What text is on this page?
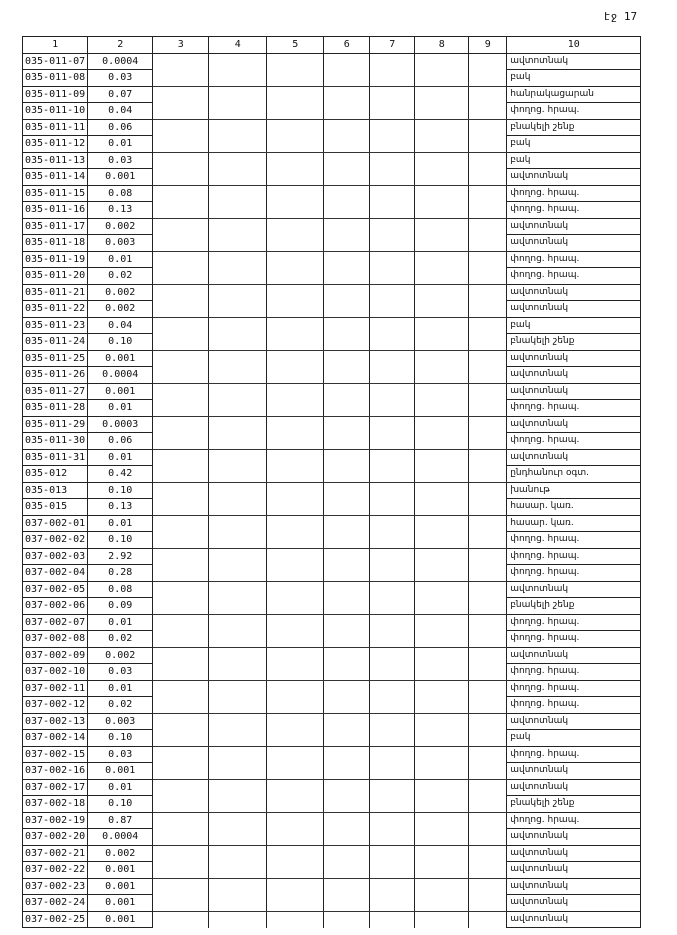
էջ 17
1	2	3	4	5	6	7	8	9	10
035-011-07	0.0004								ավտոտնակ
035-011-08	0.03								բակ
035-011-09	0.07								հանրակացարան
035-011-10	0.04								փողոց. հրապ.
035-011-11	0.06								բնակելի շենք
035-011-12	0.01								բակ
035-011-13	0.03								բակ
035-011-14	0.001								ավտոտնակ
035-011-15	0.08								փողոց. հրապ.
035-011-16	0.13								փողոց. հրապ.
035-011-17	0.002								ավտոտնակ
035-011-18	0.003								ավտոտնակ
035-011-19	0.01								փողոց. հրապ.
035-011-20	0.02								փողոց. հրապ.
035-011-21	0.002								ավտոտնակ
035-011-22	0.002								ավտոտնակ
035-011-23	0.04								բակ
035-011-24	0.10								բնակելի շենք
035-011-25	0.001								ավտոտնակ
035-011-26	0.0004								ավտոտնակ
035-011-27	0.001								ավտոտնակ
035-011-28	0.01								փողոց. հրապ.
035-011-29	0.0003								ավտոտնակ
035-011-30	0.06								փողոց. հրապ.
035-011-31	0.01								ավտոտնակ
035-012	0.42								ընդհանուր օգտ.
035-013	0.10								խանութ
035-015	0.13								հասար. կառ.
037-002-01	0.01								հասար. կառ.
037-002-02	0.10								փողոց. հրապ.
037-002-03	2.92								փողոց. հրապ.
037-002-04	0.28								փողոց. հրապ.
037-002-05	0.08								ավտոտնակ
037-002-06	0.09								բնակելի շենք
037-002-07	0.01								փողոց. հրապ.
037-002-08	0.02								փողոց. հրապ.
037-002-09	0.002								ավտոտնակ
037-002-10	0.03								փողոց. հրապ.
037-002-11	0.01								փողոց. հրապ.
037-002-12	0.02								փողոց. հրապ.
037-002-13	0.003								ավտոտնակ
037-002-14	0.10								բակ
037-002-15	0.03								փողոց. հրապ.
037-002-16	0.001								ավտոտնակ
037-002-17	0.01								ավտոտնակ
037-002-18	0.10								բնակելի շենք
037-002-19	0.87								փողոց. հրապ.
037-002-20	0.0004								ավտոտնակ
037-002-21	0.002								ավտոտնակ
037-002-22	0.001								ավտոտնակ
037-002-23	0.001								ավտոտնակ
037-002-24	0.001								ավտոտնակ
037-002-25	0.001								ավտոտնակ
